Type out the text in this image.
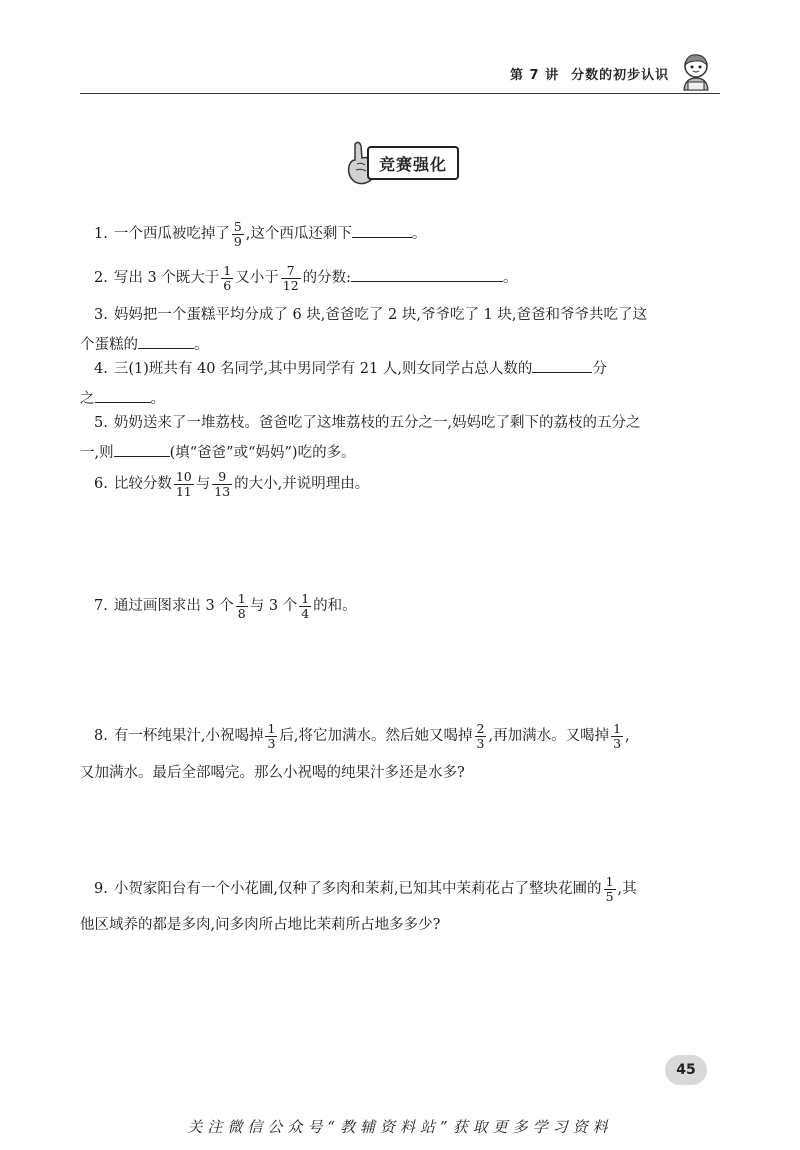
第 7 讲 分数的初步认识
竞赛强化
1. 一个西瓜被吃掉了 $\frac{5}{9}$ ,这个西瓜还剩下	。
2. 写出 3 个既大于 $\frac{1}{6}$ 又小于 $\frac{7}{12}$ 的分数:	。
3. 妈妈把一个蛋糕平均分成了 6 块,爸爸吃了 2 块,爷爷吃了 1 块,爸爸和爷爷共吃了这
个蛋糕的	。
4. 三(1)班共有 40 名同学,其中男同学有 21 人,则女同学占总人数的	分
之	。
5. 奶奶送来了一堆荔枝。爸爸吃了这堆荔枝的五分之一,妈妈吃了剩下的荔枝的五分之
一,则	(填“爸爸”或“妈妈”)吃的多。
6. 比较分数 $\frac{10}{11}$ 与 $\frac{9}{13}$ 的大小,并说明理由。
7. 通过画图求出 3 个 $\frac{1}{8}$ 与 3 个 $\frac{1}{4}$ 的和。
8. 有一杯纯果汁,小祝喝掉 $\frac{1}{3}$ 后,将它加满水。然后她又喝掉 $\frac{2}{3}$ ,再加满水。又喝掉 $\frac{1}{3}$ ,
又加满水。最后全部喝完。那么小祝喝的纯果汁多还是水多?
9. 小贺家阳台有一个小花圃,仅种了多肉和茉莉,已知其中茉莉花占了整块花圃的 $\frac{1}{5}$ ,其
他区域养的都是多肉,问多肉所占地比茉莉所占地多多少?
45
关注微信公众号“教辅资料站”获取更多学习资料
